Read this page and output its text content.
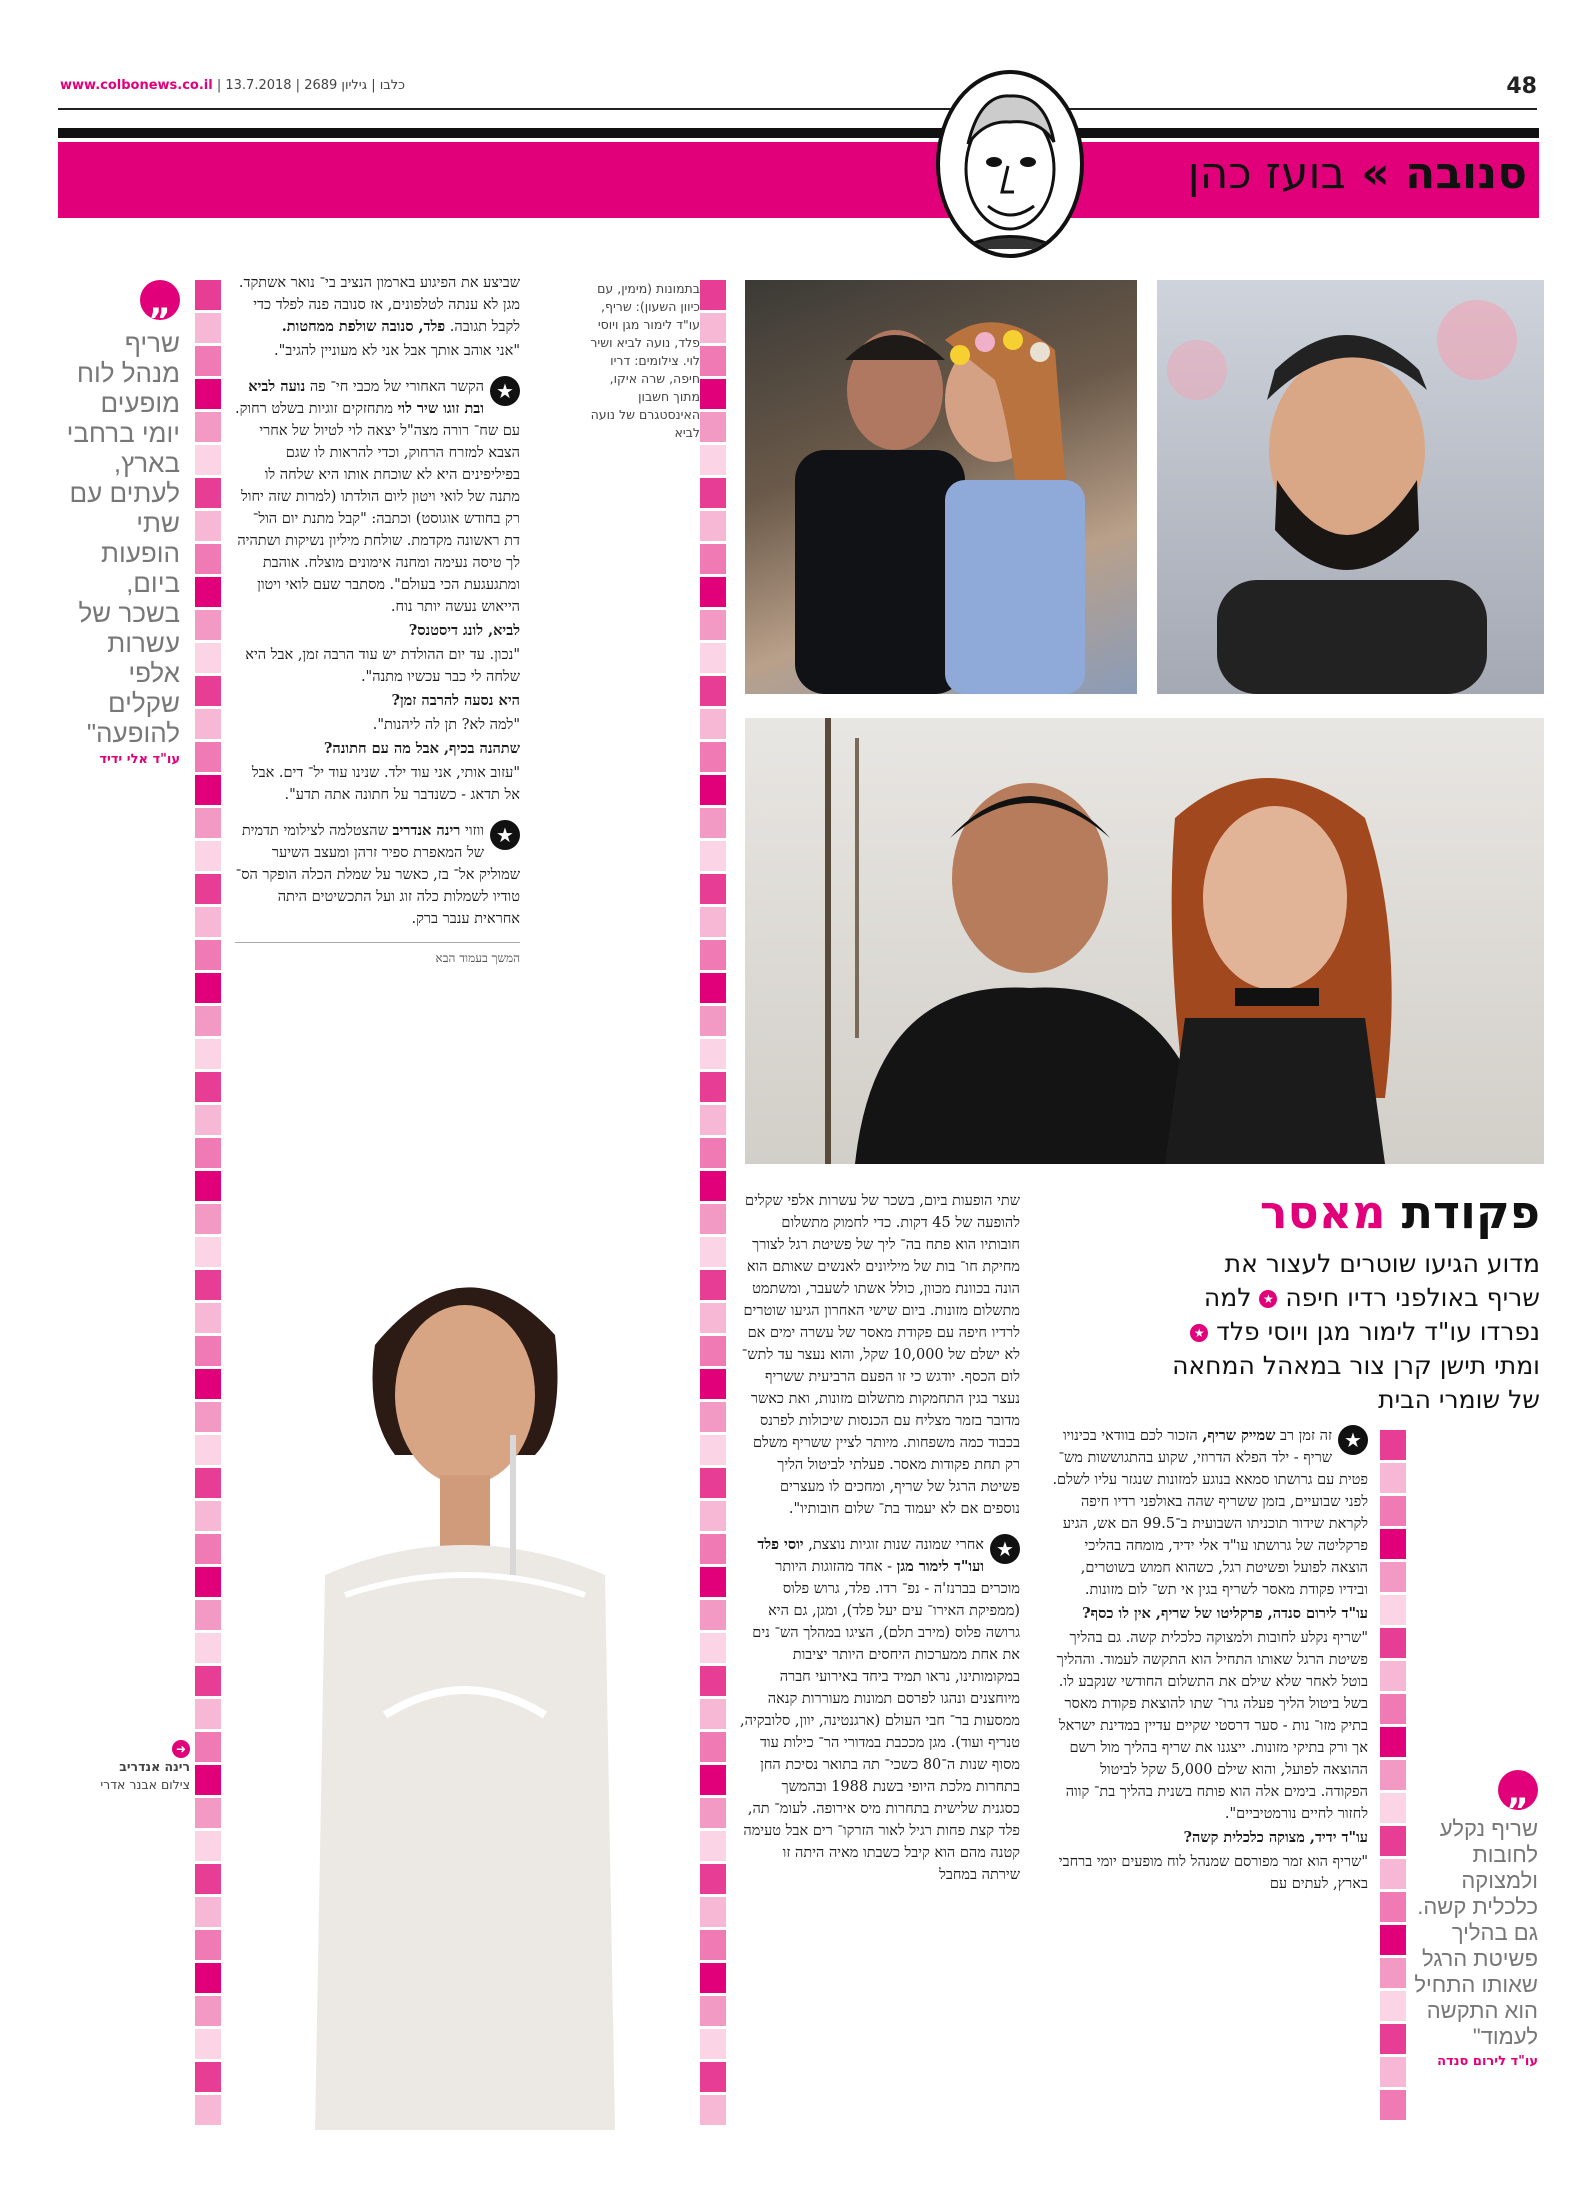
www.colbonews.co.il | כלבו | גיליון 2689 | 13.7.2018	48
סנובה » בועז כהן
בתמונות (מימין, עם כיוון השעון): שריף, עו"ד לימור מגן ויוסי פלד, נועה לביא ושיר לוי. צילומים: דריו חיפה, שרה איקו, מתוך חשבון האינסטגרם של נועה לביא
„
שריף מנהל לוח מופעים יומי ברחבי בארץ, לעתים עם שתי הופעות ביום, בשכר של עשרות אלפי שקלים להופעה"
עו"ד אלי ידיד

שביצע את הפיגוע בארמון הנציב בי־ נואר אשתקד. מגן לא ענתה לטלפונים, אז סנובה פנה לפלד כדי לקבל תגובה. פלד, סנובה שולפת ממחטות.

"אני אוהב אותך אבל אני לא מעוניין להגיב".

★
הקשר האחורי של מכבי חי־ פה נועה לביא ובת זוגו שיר לוי מתחזקים זוגיות בשלט רחוק. עם שח־ רורה מצה"ל יצאה לוי לטיול של אחרי הצבא למזרח הרחוק, וכדי להראות לו שגם בפיליפינים היא לא שוכחת אותו היא שלחה לו מתנה של לואי ויטון ליום הולדתו (למרות שזה יחול רק בחודש אוגוסט) וכתבה: "קבל מתנת יום הול־ דת ראשונה מקדמת. שולחת מיליון נשיקות ושתהיה לך טיסה נעימה ומחנה אימונים מוצלח. אוהבת ומתגעגעת הכי בעולם". מסתבר שעם לואי ויטון הייאוש נעשה יותר נוח.

לביא, לונג דיסטנס?

"נכון. עד יום ההולדת יש עוד הרבה זמן, אבל היא שלחה לי כבר עכשיו מתנה".

היא נסעה להרבה זמן?

"למה לא? תן לה ליהנות".

שתהנה בכיף, אבל מה עם חתונה?

"עזוב אותי, אני עוד ילד. שנינו עוד יל־ דים. אבל אל תדאג - כשנדבר על חתונה אתה תדע".

★
ווזוי רינה אנדריב שהצטלמה לצילומי תדמית של המאפרת ספיר זרהן ומעצב השיער שמוליק אל־ בז, כאשר על שמלת הכלה הופקר הס־ טודיו לשמלות כלה זוג ועל התכשיטים היתה אחראית ענבר ברק.

המשך בעמוד הבא

➜
רינה אנדריב
צילום אבנר אדרי
פקודת מאסר
מדוע הגיעו שוטרים לעצור את
שריף באולפני רדיו חיפה ★ למה
נפרדו עו"ד לימור מגן ויוסי פלד ★
ומתי תישן קרן צור במאהל המחאה
של שומרי הבית

שתי הופעות ביום, בשכר של עשרות אלפי שקלים להופעה של 45 דקות. כדי לחמוק מתשלום חובותיו הוא פתח בה־ ליך של פשיטת רגל לצורך מחיקת חו־ בות של מיליונים לאנשים שאותם הוא הונה בכוונת מכוון, כולל אשתו לשעבר, ומשתמט מתשלום מזונות. ביום שישי האחרון הגיעו שוטרים לרדיו חיפה עם פקודת מאסר של עשרה ימים אם לא ישלם של 10,000 שקל, והוא נעצר עד לתש־ לום הכסף. יודגש כי זו הפעם הרביעית ששריף נעצר בגין התחמקות מתשלום מזונות, ואת כאשר מדובר בזמר מצליח עם הכנסות שיכולות לפרנס בכבוד כמה משפחות. מיותר לציין ששריף משלם רק תחת פקודות מאסר. פעלתי לביטול הליך פשיטת הרגל של שריף, ומחכים לו מעצרים נוספים אם לא יעמוד בת־ שלום חובותיו".

★
אחרי שמונה שנות זוגיות נוצצת, יוסי פלד ועו"ד לימור מגן - אחד מהזוגות היותר מוכרים בברנז'ה - נפ־ רדו. פלד, גרוש פלוס (ממפיקת האירו־ עים יעל פלד), ומגן, גם היא גרושה פלוס (מירב תלם), הציגו במהלך הש־ נים את אחת ממערכות היחסים היותר יציבות במקומותינו, נראו תמיד ביחד באירועי חברה מיוחצנים ונהגו לפרסם תמונות מעוררות קנאה ממסעות בר־ חבי העולם (ארגנטינה, יוון, סלובקיה, טנריף ועוד). מגן מככבת במדורי הר־ כילות עוד מסוף שנות ה־80 כשכי־ תה בתואר נסיכת החן בתחרות מלכת היופי בשנת 1988 ובהמשך כסגנית שלישית בתחרות מיס אירופה. לעומ־ תה, פלד קצת פחות רגיל לאור הזרקו־ רים אבל טעימה קטנה מהם הוא קיבל כשבתו מאיה היתה זו שירתה במחבל

★
זה זמן רב שמייק שריף, הזכור לכם בוודאי בכינויו שריף - ילד הפלא הדרוזי, שקוע בהתגוששות מש־ פטית עם גרושתו סמאא בנוגע למזונות שנגזר עליו לשלם. לפני שבועיים, בזמן ששריף שהה באולפני רדיו חיפה לקראת שידור תוכניתו השבועית ב־99.5 הם אש, הגיע פרקליטה של גרושתו עו"ד אלי ידיד, מומחה בהליכי הוצאה לפועל ופשיטת רגל, כשהוא חמוש בשוטרים, ובידיו פקודת מאסר לשריף בגין אי תש־ לום מזונות.

עו"ד לירום סנדה, פרקליטו של שריף, אין לו כסף?

"שריף נקלע לחובות ולמצוקה כלכלית קשה. גם בהליך פשיטת הרגל שאותו התחיל הוא התקשה לעמוד. וההליך בוטל לאחר שלא שילם את התשלום החודשי שנקבע לו. בשל ביטול הליך פעלה גרו־ שתו להוצאת פקודת מאסר בתיק מזו־ נות - סער דרסטי שקיים עדיין במדינת ישראל אך ורק בתיקי מזונות. ייצגנו את שריף בהליך מול רשם ההוצאה לפועל, והוא שילם 5,000 שקל לביטול הפקודה. בימים אלה הוא פותח בשנית בהליך בת־ קווה לחזור לחיים נורמטיביים".

עו"ד ידיד, מצוקה כלכלית קשה?

"שריף הוא זמר מפורסם שמנהל לוח מופעים יומי ברחבי בארץ, לעתים עם

„
שריף נקלע לחובות ולמצוקה כלכלית קשה. גם בהליך פשיטת הרגל שאותו התחיל הוא התקשה לעמוד"
עו"ד לירום סנדה
